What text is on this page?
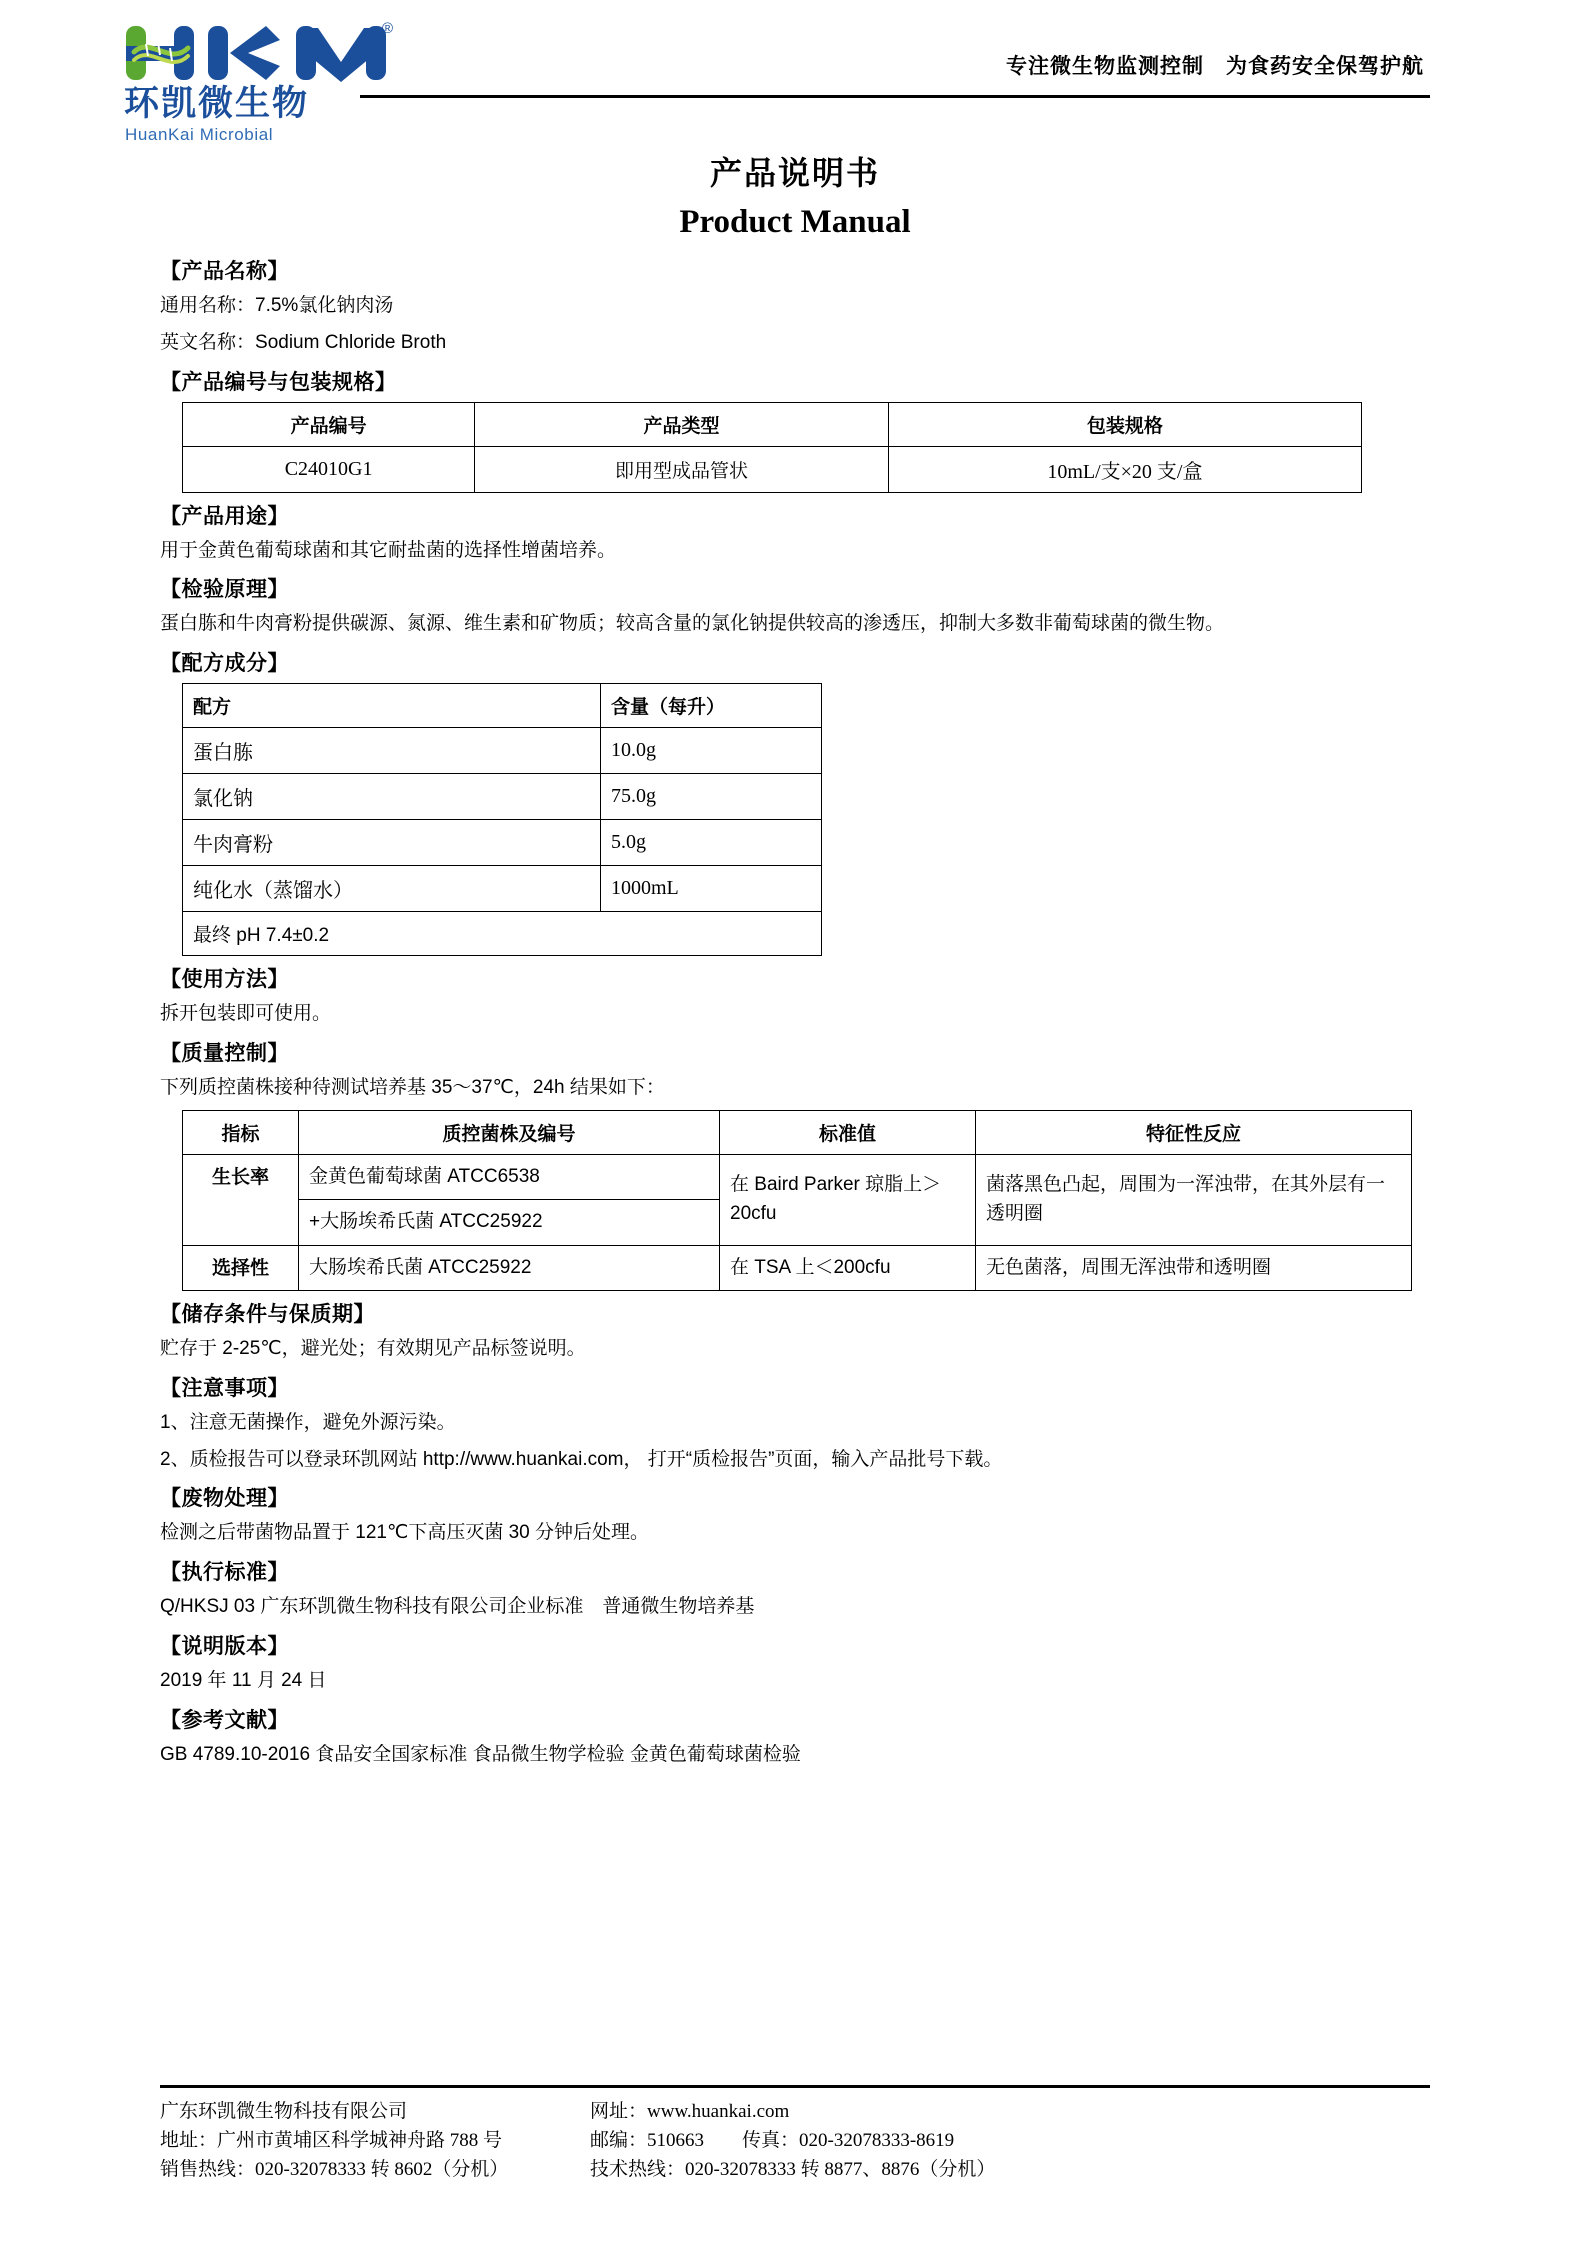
®
环凯微生物
HuanKai Microbial
专注微生物监测控制　为食药安全保驾护航
产品说明书
Product Manual
【产品名称】
通用名称：7.5%氯化钠肉汤
英文名称：Sodium Chloride Broth
【产品编号与包装规格】
产品编号	产品类型	包装规格
C24010G1	即用型成品管状	10mL/支×20 支/盒
【产品用途】
用于金黄色葡萄球菌和其它耐盐菌的选择性增菌培养。
【检验原理】
蛋白胨和牛肉膏粉提供碳源、氮源、维生素和矿物质；较高含量的氯化钠提供较高的渗透压，抑制大多数非葡萄球菌的微生物。
【配方成分】
配方	含量（每升）
蛋白胨	10.0g
氯化钠	75.0g
牛肉膏粉	5.0g
纯化水（蒸馏水）	1000mL
最终 pH 7.4±0.2	
【使用方法】
拆开包装即可使用。
【质量控制】
下列质控菌株接种待测试培养基 35～37℃，24h 结果如下：
指标	质控菌株及编号	标准值	特征性反应
生长率	金黄色葡萄球菌 ATCC6538	在 Baird Parker 琼脂上＞20cfu	菌落黑色凸起，周围为一浑浊带，在其外层有一透明圈
	+大肠埃希氏菌 ATCC25922		
选择性	大肠埃希氏菌 ATCC25922	在 TSA 上＜200cfu	无色菌落，周围无浑浊带和透明圈
【储存条件与保质期】
贮存于 2-25℃，避光处；有效期见产品标签说明。
【注意事项】
1、注意无菌操作，避免外源污染。
2、质检报告可以登录环凯网站 http://www.huankai.com， 打开“质检报告”页面，输入产品批号下载。
【废物处理】
检测之后带菌物品置于 121℃下高压灭菌 30 分钟后处理。
【执行标准】
Q/HKSJ 03 广东环凯微生物科技有限公司企业标准　普通微生物培养基
【说明版本】
2019 年 11 月 24 日
【参考文献】
GB 4789.10-2016 食品安全国家标准 食品微生物学检验 金黄色葡萄球菌检验
广东环凯微生物科技有限公司
地址：广州市黄埔区科学城神舟路 788 号
销售热线：020-32078333 转 8602（分机）
网址：www.huankai.com
邮编：510663　　传真：020-32078333-8619
技术热线：020-32078333 转 8877、8876（分机）
